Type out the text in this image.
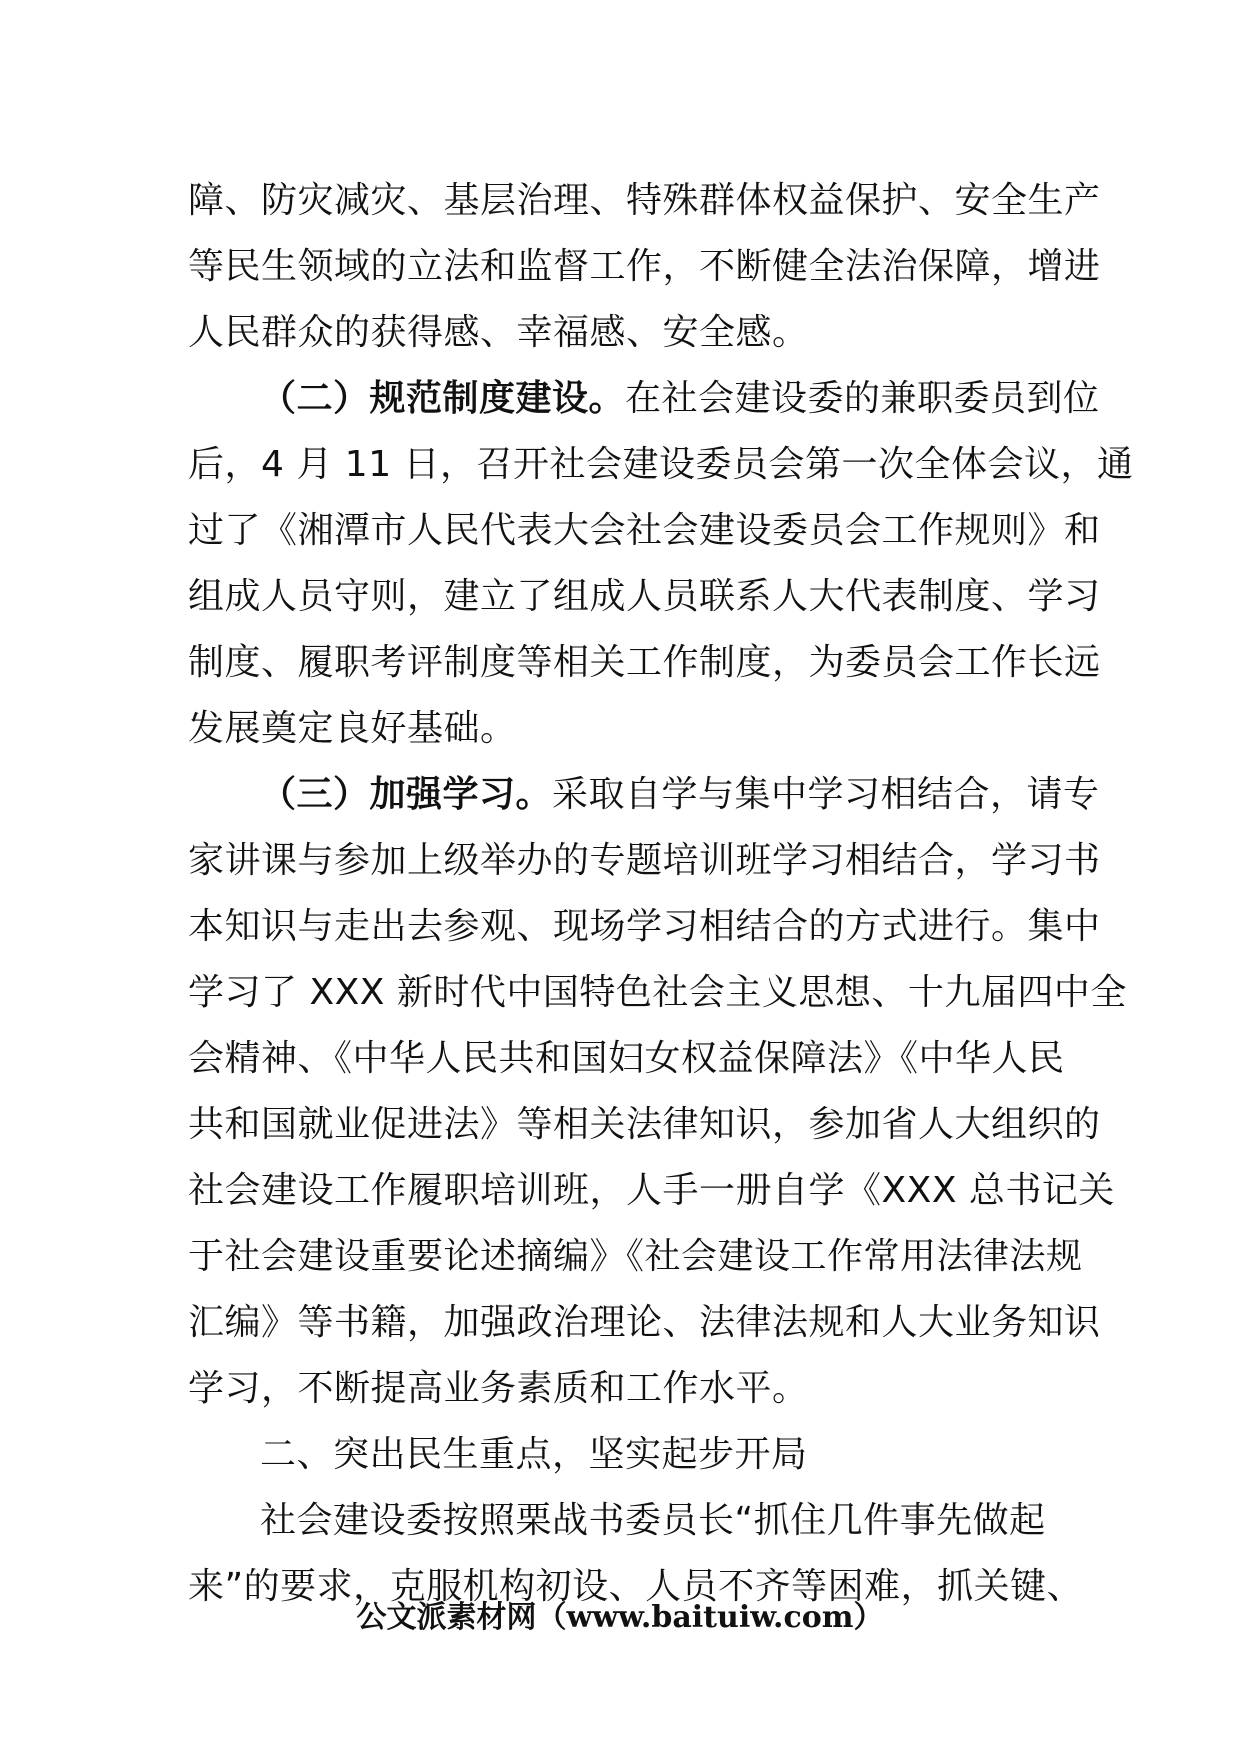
障、防灾减灾、基层治理、特殊群体权益保护、安全生产
等民生领域的立法和监督工作，不断健全法治保障，增进
人民群众的获得感、幸福感、安全感。
（二）规范制度建设。在社会建设委的兼职委员到位
后，4 月 11 日，召开社会建设委员会第一次全体会议，通
过了《湘潭市人民代表大会社会建设委员会工作规则》和
组成人员守则，建立了组成人员联系人大代表制度、学习
制度、履职考评制度等相关工作制度，为委员会工作长远
发展奠定良好基础。
（三）加强学习。采取自学与集中学习相结合，请专
家讲课与参加上级举办的专题培训班学习相结合，学习书
本知识与走出去参观、现场学习相结合的方式进行。集中
学习了 XXX 新时代中国特色社会主义思想、十九届四中全
会精神、《中华人民共和国妇女权益保障法》《中华人民
共和国就业促进法》等相关法律知识，参加省人大组织的
社会建设工作履职培训班，人手一册自学《XXX 总书记关
于社会建设重要论述摘编》《社会建设工作常用法律法规
汇编》等书籍，加强政治理论、法律法规和人大业务知识
学习，不断提高业务素质和工作水平。
二、突出民生重点，坚实起步开局
社会建设委按照栗战书委员长“抓住几件事先做起
来”的要求，克服机构初设、人员不齐等困难，抓关键、
公文派素材网（www.baituiw.com）
